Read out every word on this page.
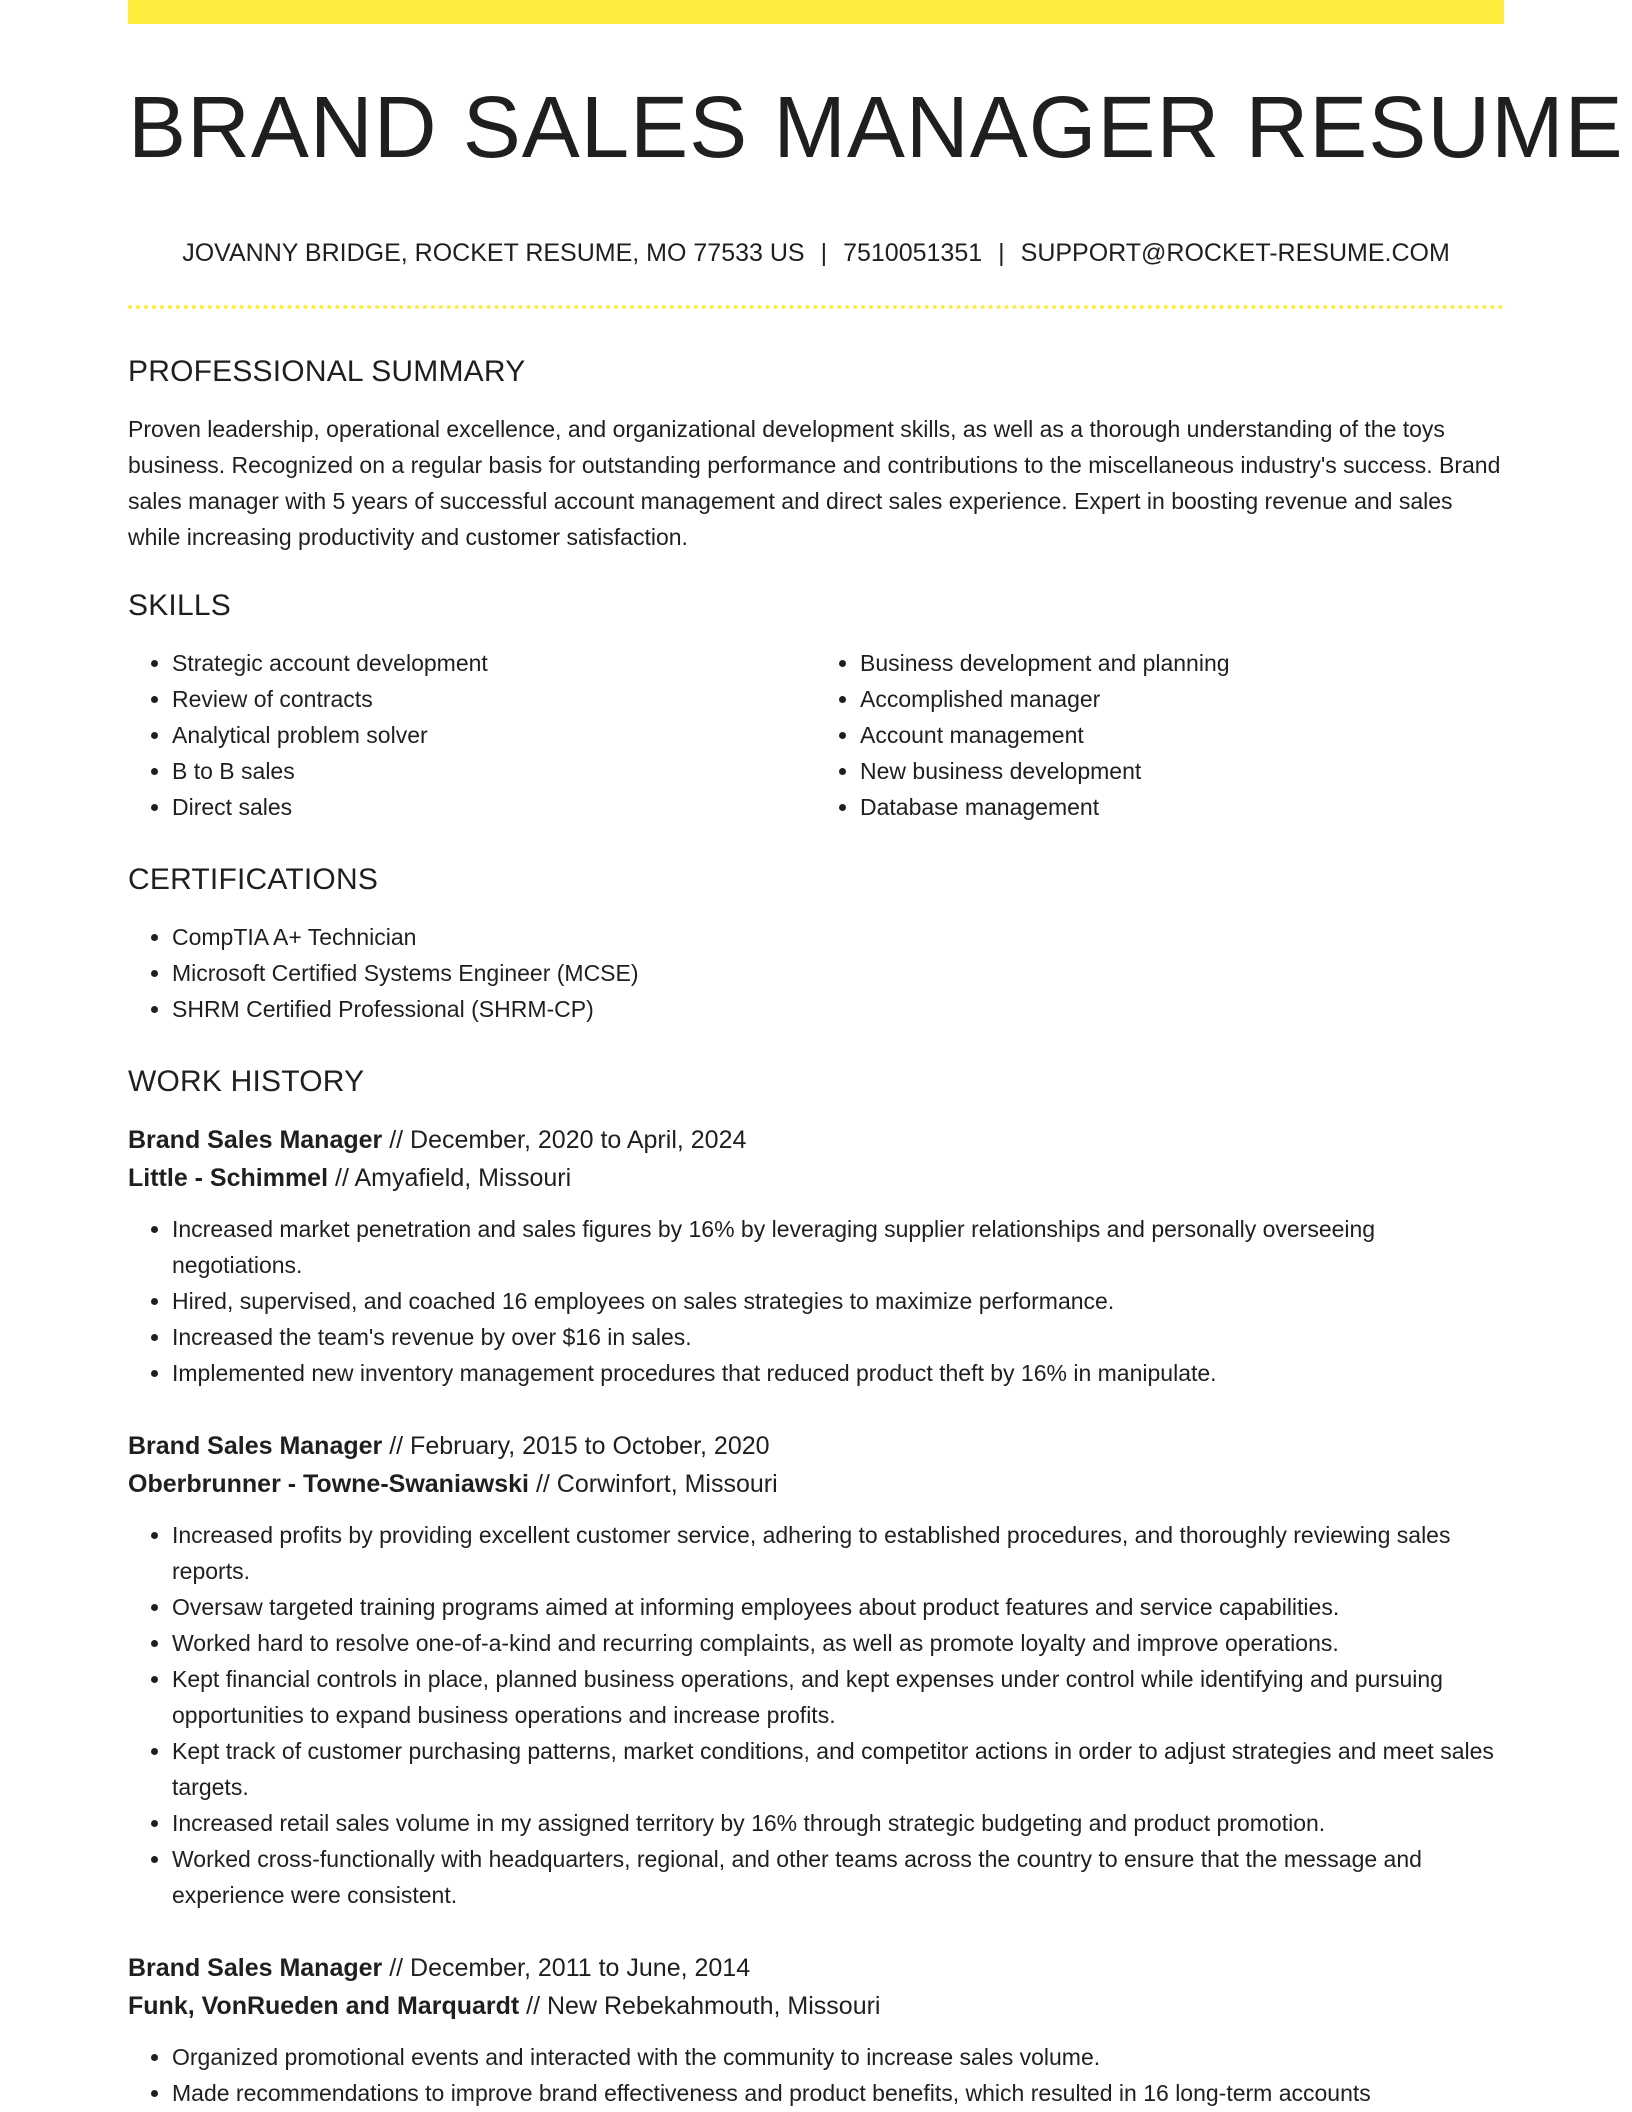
BRAND SALES MANAGER RESUME
JOVANNY BRIDGE, ROCKET RESUME, MO 77533 US | 7510051351 | SUPPORT@ROCKET-RESUME.COM
PROFESSIONAL SUMMARY

Proven leadership, operational excellence, and organizational development skills, as well as a thorough understanding of the toys business. Recognized on a regular basis for outstanding performance and contributions to the miscellaneous industry's success. Brand sales manager with 5 years of successful account management and direct sales experience. Expert in boosting revenue and sales while increasing productivity and customer satisfaction.

SKILLS
• Strategic account development
• Review of contracts
• Analytical problem solver
• B to B sales
• Direct sales
• Business development and planning
• Accomplished manager
• Account management
• New business development
• Database management
CERTIFICATIONS
• CompTIA A+ Technician
• Microsoft Certified Systems Engineer (MCSE)
• SHRM Certified Professional (SHRM-CP)
WORK HISTORY
Brand Sales Manager // December, 2020 to April, 2024
Little - Schimmel // Amyafield, Missouri
• Increased market penetration and sales figures by 16% by leveraging supplier relationships and personally overseeing negotiations.
• Hired, supervised, and coached 16 employees on sales strategies to maximize performance.
• Increased the team's revenue by over $16 in sales.
• Implemented new inventory management procedures that reduced product theft by 16% in manipulate.
Brand Sales Manager // February, 2015 to October, 2020
Oberbrunner - Towne-Swaniawski // Corwinfort, Missouri
• Increased profits by providing excellent customer service, adhering to established procedures, and thoroughly reviewing sales reports.
• Oversaw targeted training programs aimed at informing employees about product features and service capabilities.
• Worked hard to resolve one-of-a-kind and recurring complaints, as well as promote loyalty and improve operations.
• Kept financial controls in place, planned business operations, and kept expenses under control while identifying and pursuing opportunities to expand business operations and increase profits.
• Kept track of customer purchasing patterns, market conditions, and competitor actions in order to adjust strategies and meet sales targets.
• Increased retail sales volume in my assigned territory by 16% through strategic budgeting and product promotion.
• Worked cross-functionally with headquarters, regional, and other teams across the country to ensure that the message and experience were consistent.
Brand Sales Manager // December, 2011 to June, 2014
Funk, VonRueden and Marquardt // New Rebekahmouth, Missouri
• Organized promotional events and interacted with the community to increase sales volume.
• Made recommendations to improve brand effectiveness and product benefits, which resulted in 16 long-term accounts
